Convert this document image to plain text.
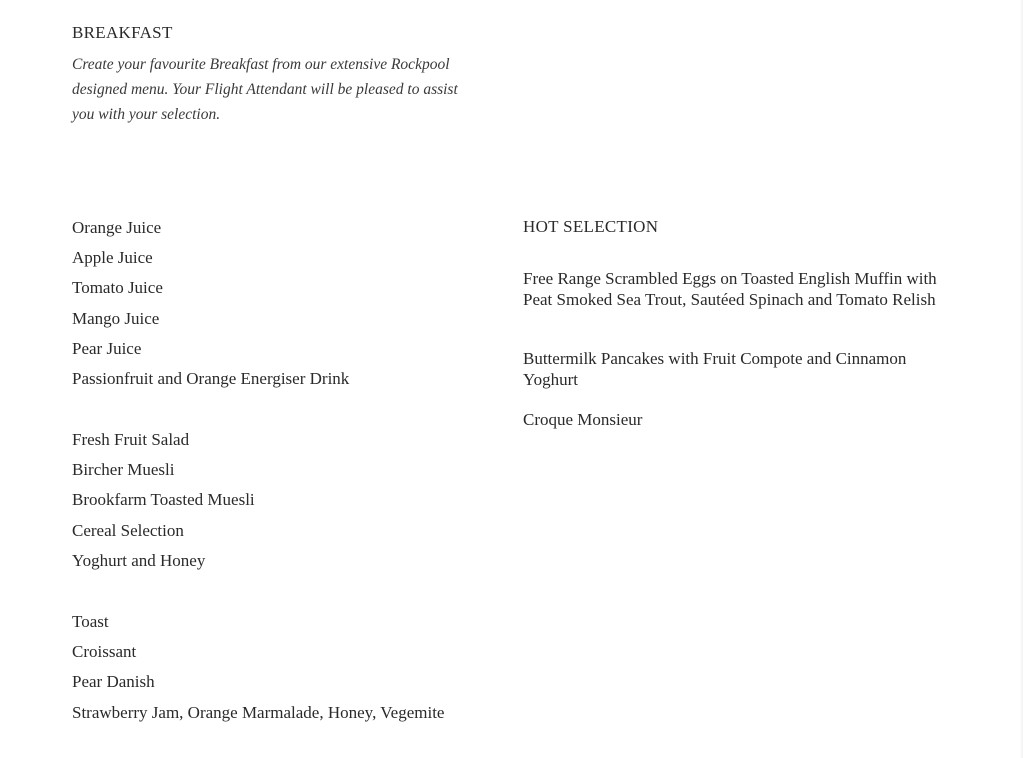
BREAKFAST

Create your favourite Breakfast from our extensive Rockpool

designed menu. Your Flight Attendant will be pleased to assist

you with your selection.

Orange Juice
Apple Juice
Tomato Juice
Mango Juice
Pear Juice
Passionfruit and Orange Energiser Drink
Fresh Fruit Salad
Bircher Muesli
Brookfarm Toasted Muesli
Cereal Selection
Yoghurt and Honey
Toast
Croissant
Pear Danish
Strawberry Jam, Orange Marmalade, Honey, Vegemite
HOT SELECTION
Free Range Scrambled Eggs on Toasted English Muffin with Peat Smoked Sea Trout, Sautéed Spinach and Tomato Relish
Buttermilk Pancakes with Fruit Compote and Cinnamon Yoghurt
Croque Monsieur
